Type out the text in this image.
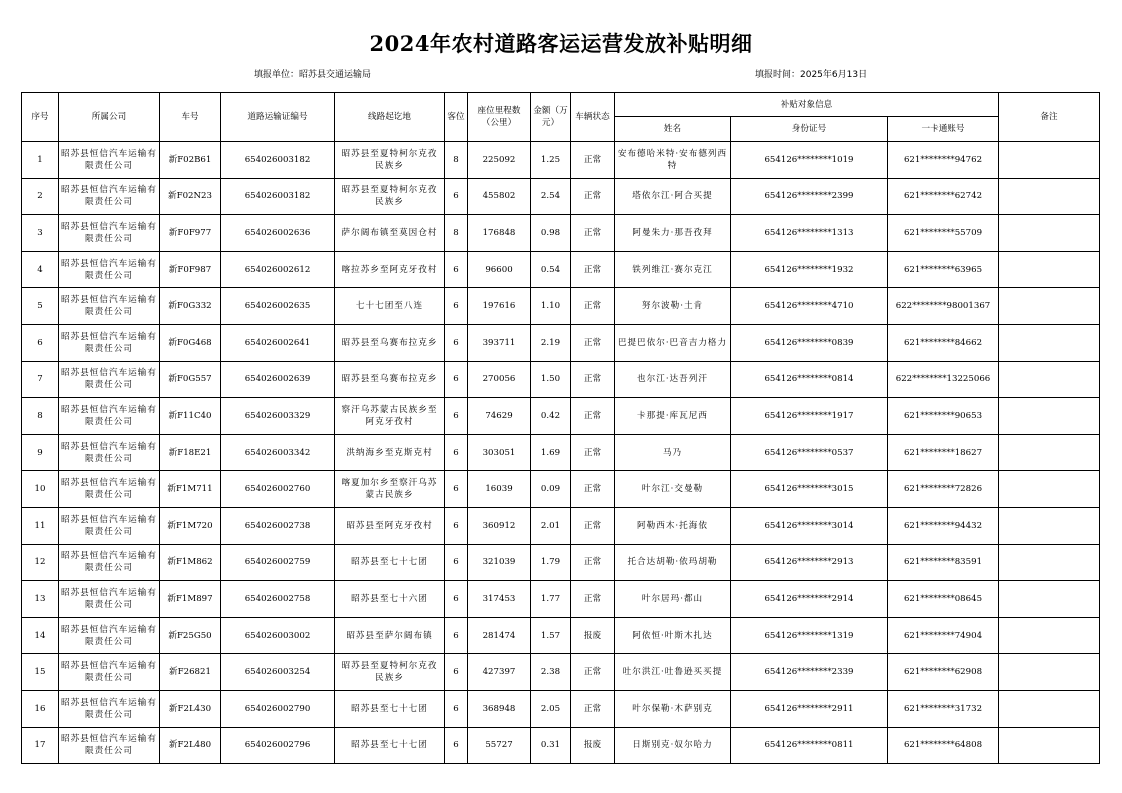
2024年农村道路客运运营发放补贴明细
填报单位：昭苏县交通运输局	填报时间：2025年6月13日
序号	所属公司	车号	道路运输证编号	线路起讫地	客位	座位里程数（公里）	金额（万元）	车辆状态	补贴对象信息			备注
									姓名	身份证号	一卡通账号	
1	昭苏县恒信汽车运输有限责任公司	新F02B61	654026003182	昭苏县至夏特柯尔克孜民族乡	8	225092	1.25	正常	安布德哈米特·安布德列西特	654126********1019	621********94762	
2	昭苏县恒信汽车运输有限责任公司	新F02N23	654026003182	昭苏县至夏特柯尔克孜民族乡	6	455802	2.54	正常	塔依尔江·阿合买提	654126********2399	621********62742	
3	昭苏县恒信汽车运输有限责任公司	新F0F977	654026002636	萨尔阔布镇至莫因仓村	8	176848	0.98	正常	阿曼朱力·那吾孜拜	654126********1313	621********55709	
4	昭苏县恒信汽车运输有限责任公司	新F0F987	654026002612	喀拉苏乡至阿克牙孜村	6	96600	0.54	正常	铁列维江·赛尔克江	654126********1932	621********63965	
5	昭苏县恒信汽车运输有限责任公司	新F0G332	654026002635	七十七团至八连	6	197616	1.10	正常	努尔波勒·土肯	654126********4710	622********98001367	
6	昭苏县恒信汽车运输有限责任公司	新F0G468	654026002641	昭苏县至乌赛布拉克乡	6	393711	2.19	正常	巴提巴依尔·巴音吉力格力	654126********0839	621********84662	
7	昭苏县恒信汽车运输有限责任公司	新F0G557	654026002639	昭苏县至乌赛布拉克乡	6	270056	1.50	正常	也尔江·达吾列汗	654126********0814	622********13225066	
8	昭苏县恒信汽车运输有限责任公司	新F11C40	654026003329	察汗乌苏蒙古民族乡至阿克牙孜村	6	74629	0.42	正常	卡那提·库瓦尼西	654126********1917	621********90653	
9	昭苏县恒信汽车运输有限责任公司	新F18E21	654026003342	洪纳海乡至克斯克村	6	303051	1.69	正常	马乃	654126********0537	621********18627	
10	昭苏县恒信汽车运输有限责任公司	新F1M711	654026002760	喀夏加尔乡至察汗乌苏蒙古民族乡	6	16039	0.09	正常	叶尔江·交曼勒	654126********3015	621********72826	
11	昭苏县恒信汽车运输有限责任公司	新F1M720	654026002738	昭苏县至阿克牙孜村	6	360912	2.01	正常	阿勒西木·托海依	654126********3014	621********94432	
12	昭苏县恒信汽车运输有限责任公司	新F1M862	654026002759	昭苏县至七十七团	6	321039	1.79	正常	托合达胡勒·依玛胡勒	654126********2913	621********83591	
13	昭苏县恒信汽车运输有限责任公司	新F1M897	654026002758	昭苏县至七十六团	6	317453	1.77	正常	叶尔居玛·都山	654126********2914	621********08645	
14	昭苏县恒信汽车运输有限责任公司	新F25G50	654026003002	昭苏县至萨尔阔布镇	6	281474	1.57	报废	阿依恒·叶斯木扎达	654126********1319	621********74904	
15	昭苏县恒信汽车运输有限责任公司	新F26821	654026003254	昭苏县至夏特柯尔克孜民族乡	6	427397	2.38	正常	吐尔洪江·吐鲁逊买买提	654126********2339	621********62908	
16	昭苏县恒信汽车运输有限责任公司	新F2L430	654026002790	昭苏县至七十七团	6	368948	2.05	正常	叶尔保勒·木萨别克	654126********2911	621********31732	
17	昭苏县恒信汽车运输有限责任公司	新F2L480	654026002796	昭苏县至七十七团	6	55727	0.31	报废	日斯别克·奴尔哈力	654126********0811	621********64808	
